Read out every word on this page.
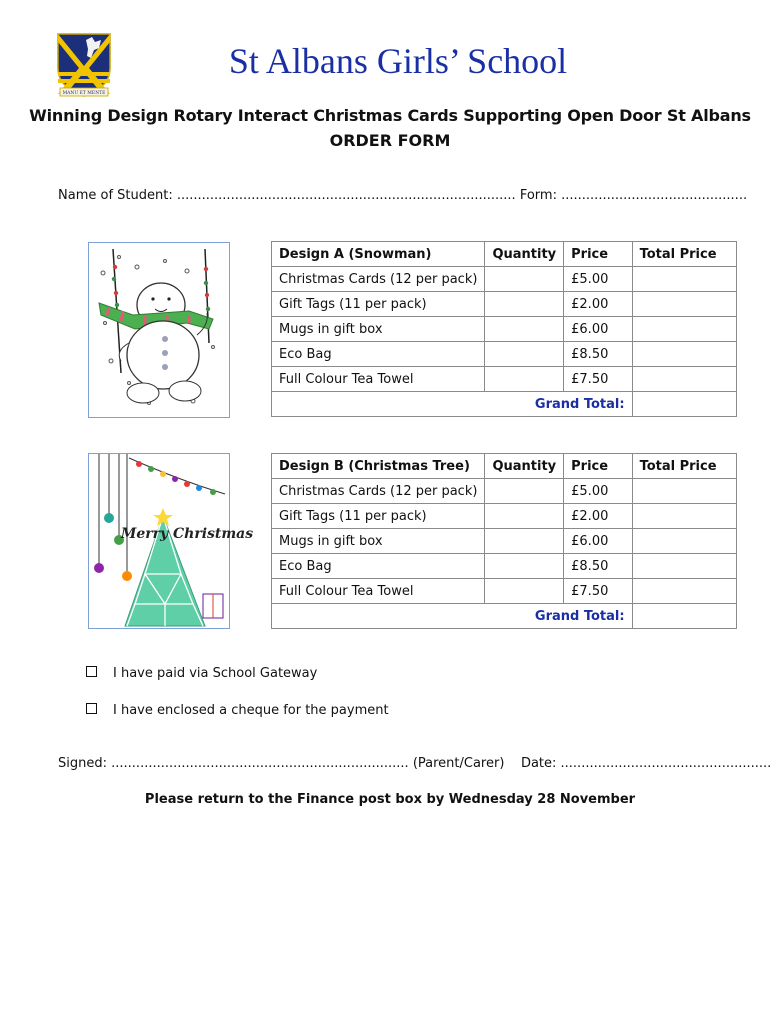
MANU ET MENTE
St Albans Girls’ School
Winning Design Rotary Interact Christmas Cards Supporting Open Door St Albans
ORDER FORM
Name of Student: .................................................................................. Form: .............................................
Design A (Snowman)	Quantity	Price	Total Price
Christmas Cards (12 per pack)		£5.00	
Gift Tags (11 per pack)		£2.00	
Mugs in gift box		£6.00	
Eco Bag		£8.50	
Full Colour Tea Towel		£7.50	
Grand Total:			
Merry Christmas
Design B (Christmas Tree)	Quantity	Price	Total Price
Christmas Cards (12 per pack)		£5.00	
Gift Tags (11 per pack)		£2.00	
Mugs in gift box		£6.00	
Eco Bag		£8.50	
Full Colour Tea Towel		£7.50	
Grand Total:			
I have paid via School Gateway
I have enclosed a cheque for the payment
Signed: ........................................................................ (Parent/Carer) Date: ...................................................
Please return to the Finance post box by Wednesday 28 November
